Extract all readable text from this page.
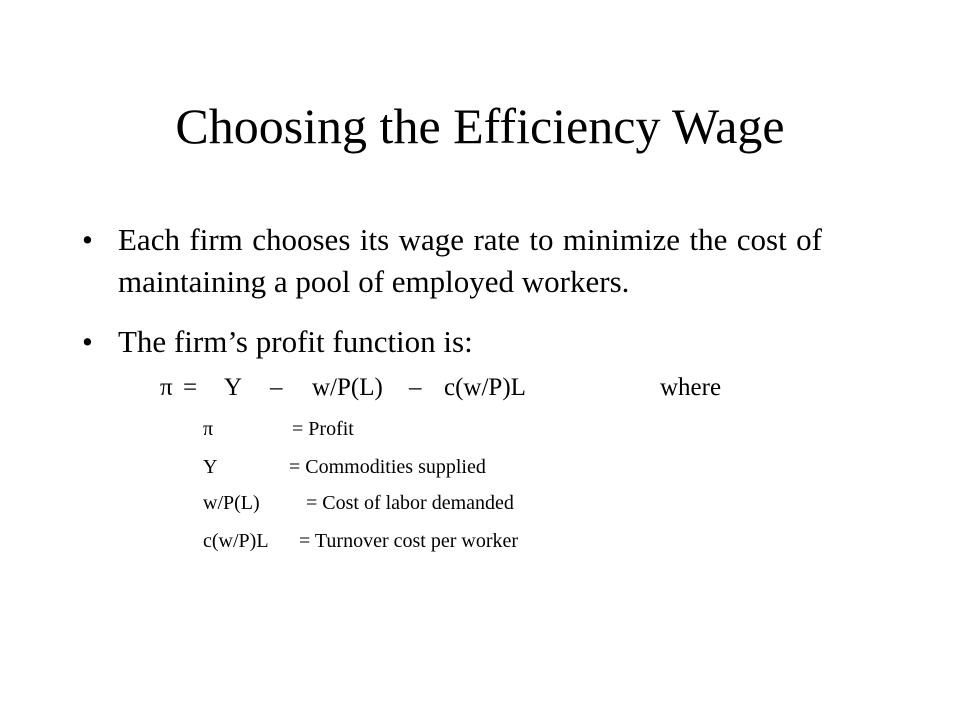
Choosing the Efficiency Wage
• Each firm chooses its wage rate to minimize the cost of maintaining a pool of employed workers.
• The firm’s profit function is:
π = Y – w/P(L) – c(w/P)L	where
π	= Profit
Y	= Commodities supplied
w/P(L) = Cost of labor demanded
c(w/P)L = Turnover cost per worker
